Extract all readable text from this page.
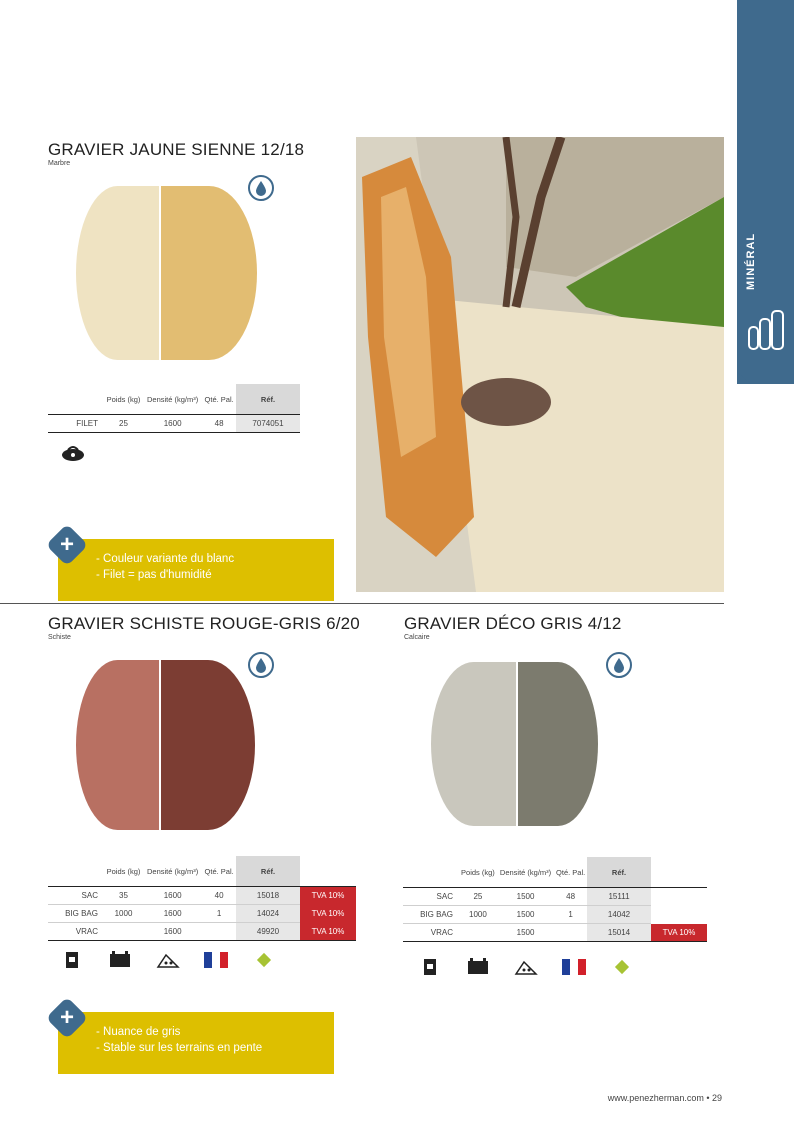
MINÉRAL
GRAVIER JAUNE SIENNE 12/18
Marbre
	Poids (kg)	Densité (kg/m³)	Qté. Pal.	Réf.
FILET	25	1600	48	7074051
- Couleur variante du blanc
- Filet = pas d'humidité
+
GRAVIER SCHISTE ROUGE-GRIS 6/20
Schiste
	Poids (kg)	Densité (kg/m³)	Qté. Pal.	Réf.	
SAC	35	1600	40	15018	TVA 10%
BIG BAG	1000	1600	1	14024	TVA 10%
VRAC		1600		49920	TVA 10%
- Nuance de gris
- Stable sur les terrains en pente
+
GRAVIER DÉCO GRIS 4/12
Calcaire
	Poids (kg)	Densité (kg/m³)	Qté. Pal.	Réf.	
SAC	25	1500	48	15111	
BIG BAG	1000	1500	1	14042	
VRAC		1500		15014	TVA 10%
www.penezherman.com • 29
